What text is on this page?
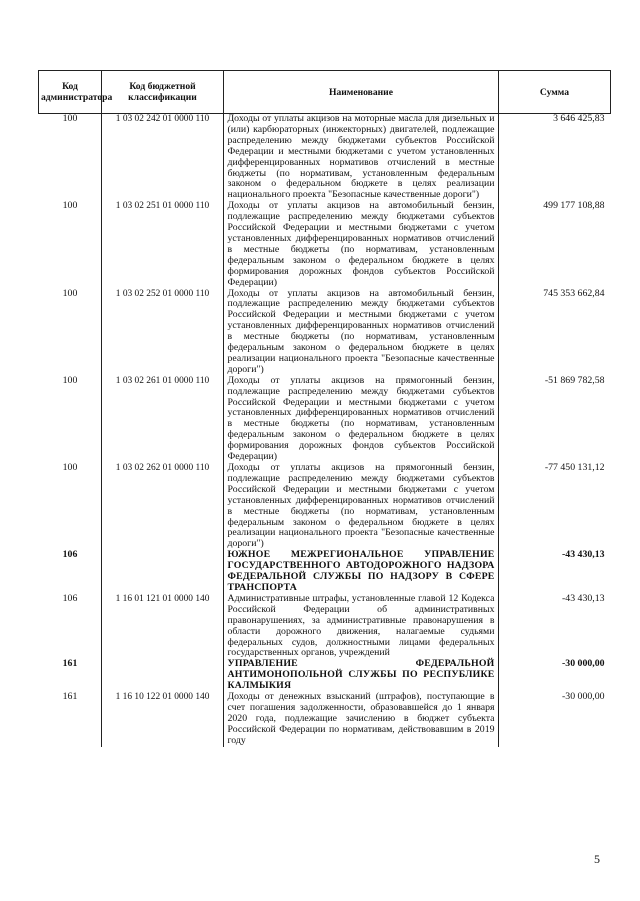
Код администратора	Код бюджетной классификации	Наименование	Сумма
100	1 03 02 242 01 0000 110	Доходы от уплаты акцизов на моторные масла для дизельных и (или) карбюраторных (инжекторных) двигателей, подлежащие распределению между бюджетами субъектов Российской Федерации и местными бюджетами с учетом установленных дифференцированных нормативов отчислений в местные бюджеты (по нормативам, установленным федеральным законом о федеральном бюджете в целях реализации национального проекта "Безопасные качественные дороги")	3 646 425,83
100	1 03 02 251 01 0000 110	Доходы от уплаты акцизов на автомобильный бензин, подлежащие распределению между бюджетами субъектов Российской Федерации и местными бюджетами с учетом установленных дифференцированных нормативов отчислений в местные бюджеты (по нормативам, установленным федеральным законом о федеральном бюджете в целях формирования дорожных фондов субъектов Российской Федерации)	499 177 108,88
100	1 03 02 252 01 0000 110	Доходы от уплаты акцизов на автомобильный бензин, подлежащие распределению между бюджетами субъектов Российской Федерации и местными бюджетами с учетом установленных дифференцированных нормативов отчислений в местные бюджеты (по нормативам, установленным федеральным законом о федеральном бюджете в целях реализации национального проекта "Безопасные качественные дороги")	745 353 662,84
100	1 03 02 261 01 0000 110	Доходы от уплаты акцизов на прямогонный бензин, подлежащие распределению между бюджетами субъектов Российской Федерации и местными бюджетами с учетом установленных дифференцированных нормативов отчислений в местные бюджеты (по нормативам, установленным федеральным законом о федеральном бюджете в целях формирования дорожных фондов субъектов Российской Федерации)	-51 869 782,58
100	1 03 02 262 01 0000 110	Доходы от уплаты акцизов на прямогонный бензин, подлежащие распределению между бюджетами субъектов Российской Федерации и местными бюджетами с учетом установленных дифференцированных нормативов отчислений в местные бюджеты (по нормативам, установленным федеральным законом о федеральном бюджете в целях реализации национального проекта "Безопасные качественные дороги")	-77 450 131,12
106		ЮЖНОЕ МЕЖРЕГИОНАЛЬНОЕ УПРАВЛЕНИЕ ГОСУДАРСТВЕННОГО АВТОДОРОЖНОГО НАДЗОРА ФЕДЕРАЛЬНОЙ СЛУЖБЫ ПО НАДЗОРУ В СФЕРЕ ТРАНСПОРТА	-43 430,13
106	1 16 01 121 01 0000 140	Административные штрафы, установленные главой 12 Кодекса Российской Федерации об административных правонарушениях, за административные правонарушения в области дорожного движения, налагаемые судьями федеральных судов, должностными лицами федеральных государственных органов, учреждений	-43 430,13
161		УПРАВЛЕНИЕ ФЕДЕРАЛЬНОЙ АНТИМОНОПОЛЬНОЙ СЛУЖБЫ ПО РЕСПУБЛИКЕ КАЛМЫКИЯ	-30 000,00
161	1 16 10 122 01 0000 140	Доходы от денежных взысканий (штрафов), поступающие в счет погашения задолженности, образовавшейся до 1 января 2020 года, подлежащие зачислению в бюджет субъекта Российской Федерации по нормативам, действовавшим в 2019 году	-30 000,00
5
